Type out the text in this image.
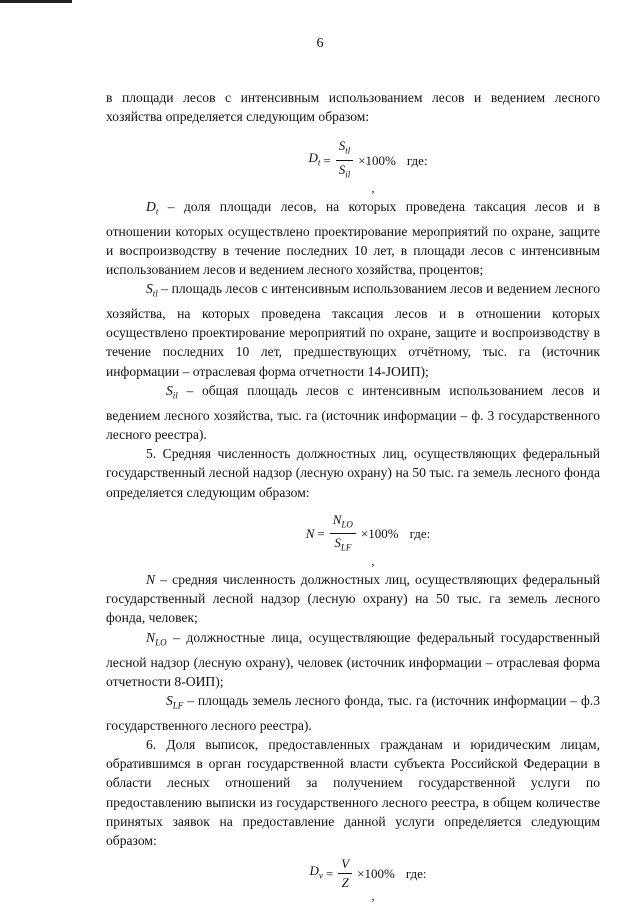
6

в площади лесов с интенсивным использованием лесов и ведением лесного хозяйства определяется следующим образом:

$D_t = \frac{S_{tl}}{S_{il}} \times 100\%$ где:
,

$D_t$ – доля площади лесов, на которых проведена таксация лесов и в отношении которых осуществлено проектирование мероприятий по охране, защите и воспроизводству в течение последних 10 лет, в площади лесов с интенсивным использованием лесов и ведением лесного хозяйства, процентов;

$S_{tl}$ – площадь лесов с интенсивным использованием лесов и ведением лесного хозяйства, на которых проведена таксация лесов и в отношении которых осуществлено проектирование мероприятий по охране, защите и воспроизводству в течение последних 10 лет, предшествующих отчётному, тыс. га (источник информации – отраслевая форма отчетности 14-ЈОИП);

$S_{il}$ – общая площадь лесов с интенсивным использованием лесов и ведением лесного хозяйства, тыс. га (источник информации – ф. 3 государственного лесного реестра).

5. Средняя численность должностных лиц, осуществляющих федеральный государственный лесной надзор (лесную охрану) на 50 тыс. га земель лесного фонда определяется следующим образом:

$N = \frac{N_{LO}}{S_{LF}} \times 100\%$ где:
,

N – средняя численность должностных лиц, осуществляющих федеральный государственный лесной надзор (лесную охрану) на 50 тыс. га земель лесного фонда, человек;

$N_{LO}$ – должностные лица, осуществляющие федеральный государственный лесной надзор (лесную охрану), человек (источник информации – отраслевая форма отчетности 8-ОИП);

$S_{LF}$ – площадь земель лесного фонда, тыс. га (источник информации – ф.3 государственного лесного реестра).

6. Доля выписок, предоставленных гражданам и юридическим лицам, обратившимся в орган государственной власти субъекта Российской Федерации в области лесных отношений за получением государственной услуги по предоставлению выписки из государственного лесного реестра, в общем количестве принятых заявок на предоставление данной услуги определяется следующим образом:

$D_v = \frac{V}{Z} \times 100\%$ где:
,
